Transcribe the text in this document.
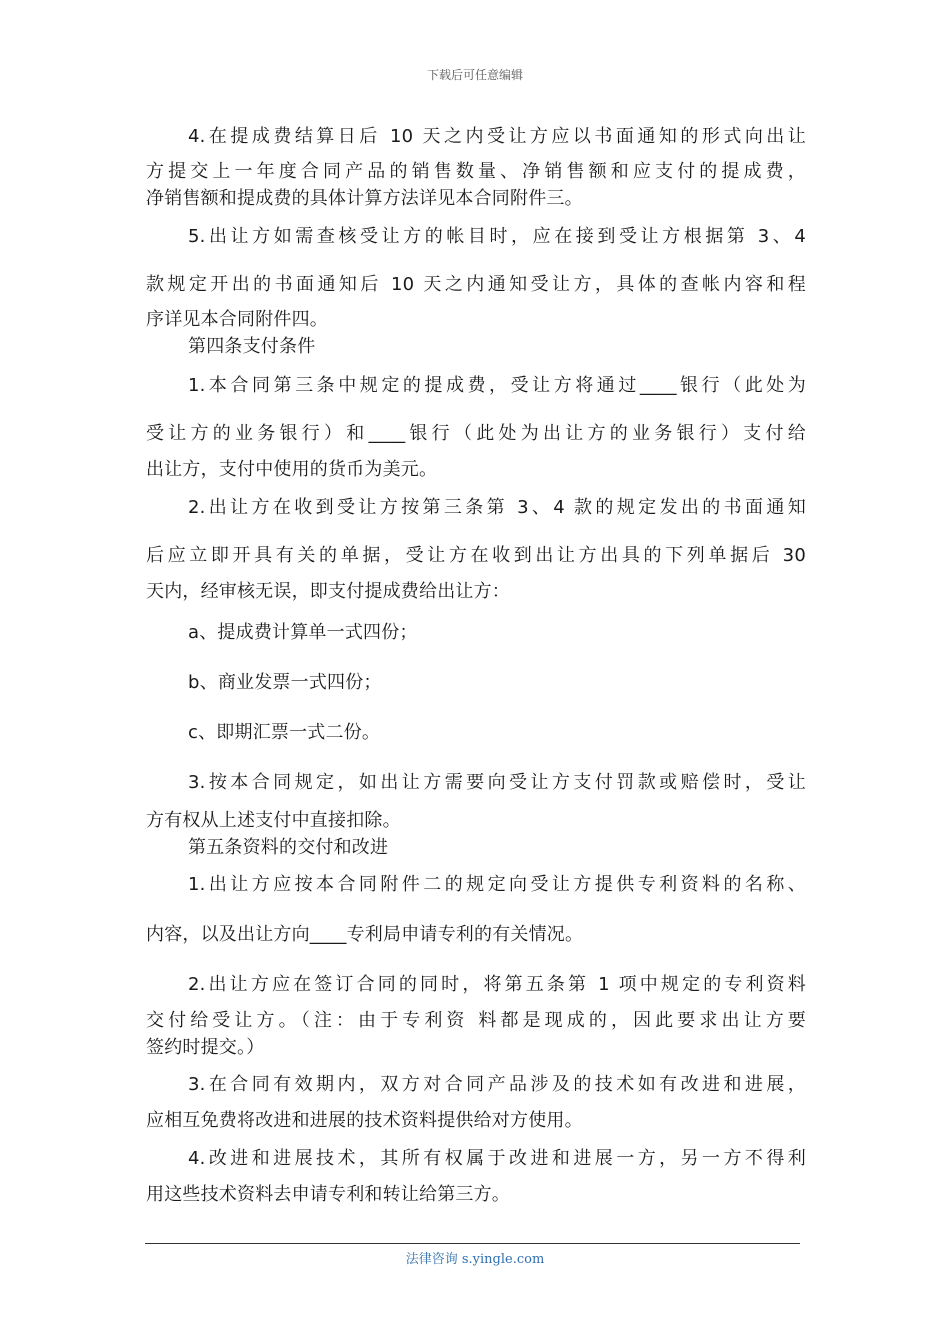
下载后可任意编辑
4.在提成费结算日后 10 天之内受让方应以书面通知的形式向出让
方提交上一年度合同产品的销售数量、净销售额和应支付的提成费，
净销售额和提成费的具体计算方法详见本合同附件三。
5.出让方如需查核受让方的帐目时，应在接到受让方根据第 3、4
款规定开出的书面通知后 10 天之内通知受让方，具体的查帐内容和程
序详见本合同附件四。
第四条支付条件
1.本合同第三条中规定的提成费，受让方将通过____银行（此处为
受让方的业务银行）和____银行（此处为出让方的业务银行）支付给
出让方，支付中使用的货币为美元。
2.出让方在收到受让方按第三条第 3、4 款的规定发出的书面通知
后应立即开具有关的单据，受让方在收到出让方出具的下列单据后 30
天内，经审核无误，即支付提成费给出让方：
a、提成费计算单一式四份；
b、商业发票一式四份；
c、即期汇票一式二份。
3.按本合同规定，如出让方需要向受让方支付罚款或赔偿时，受让
方有权从上述支付中直接扣除。
第五条资料的交付和改进
1.出让方应按本合同附件二的规定向受让方提供专利资料的名称、
内容，以及出让方向____专利局申请专利的有关情况。
2.出让方应在签订合同的同时，将第五条第 1 项中规定的专利资料
交付给受让方。（注：由于专利资 料都是现成的，因此要求出让方要
签约时提交。）
3.在合同有效期内，双方对合同产品涉及的技术如有改进和进展，
应相互免费将改进和进展的技术资料提供给对方使用。
4.改进和进展技术，其所有权属于改进和进展一方，另一方不得利
用这些技术资料去申请专利和转让给第三方。
法律咨询 s.yingle.com
